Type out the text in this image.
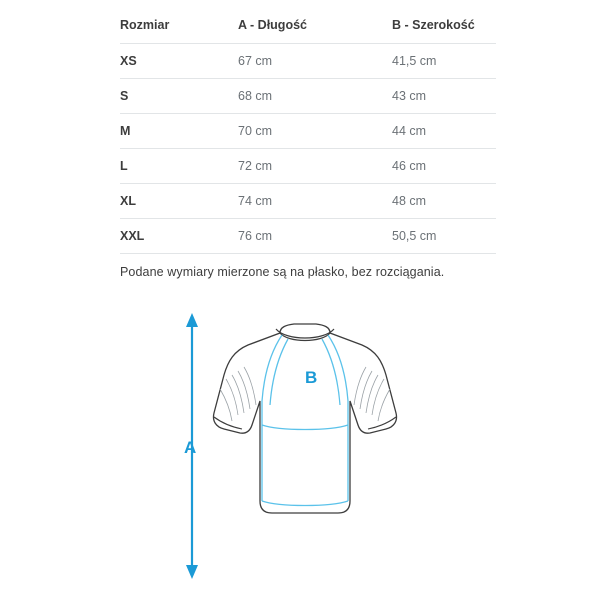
Rozmiar	A - Długość	B - Szerokość
XS	67 cm	41,5 cm
S	68 cm	43 cm
M	70 cm	44 cm
L	72 cm	46 cm
XL	74 cm	48 cm
XXL	76 cm	50,5 cm
Podane wymiary mierzone są na płasko, bez rozciągania.
A
B
